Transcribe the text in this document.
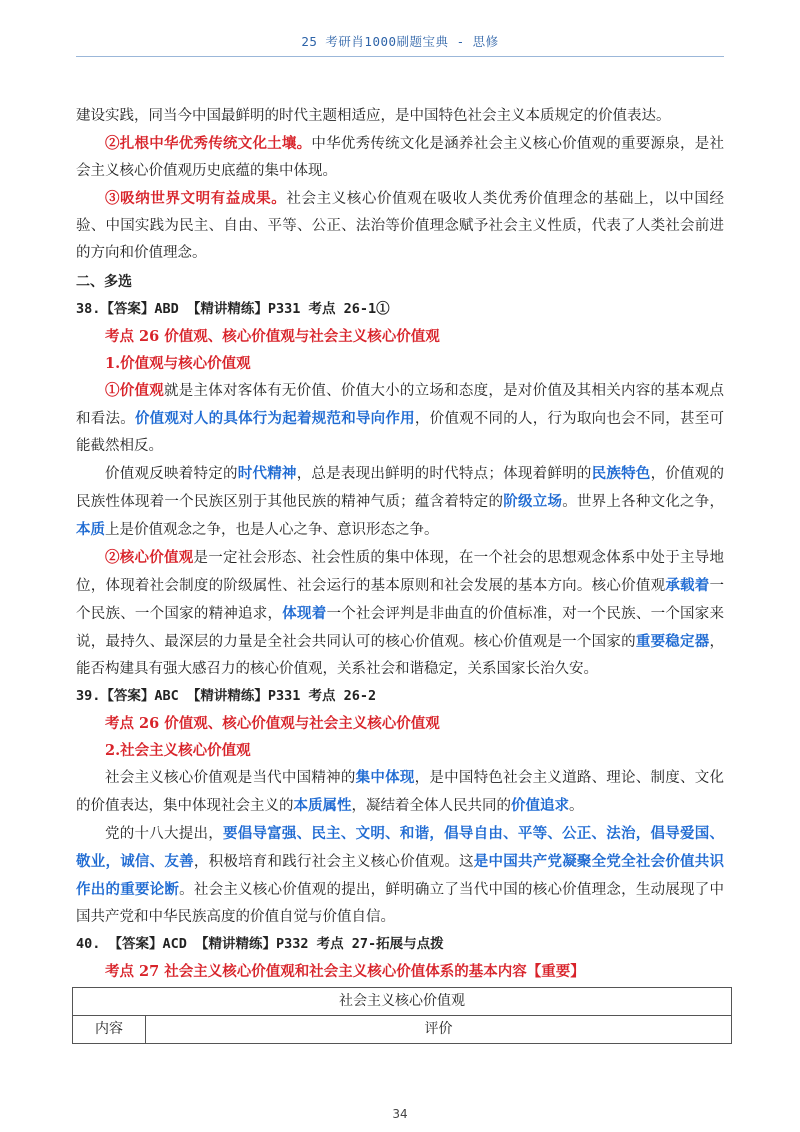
25 考研肖1000刷题宝典 - 思修

建设实践，同当今中国最鲜明的时代主题相适应，是中国特色社会主义本质规定的价值表达。

②扎根中华优秀传统文化土壤。中华优秀传统文化是涵养社会主义核心价值观的重要源泉，是社会主义核心价值观历史底蕴的集中体现。

③吸纳世界文明有益成果。社会主义核心价值观在吸收人类优秀价值理念的基础上，以中国经验、中国实践为民主、自由、平等、公正、法治等价值理念赋予社会主义性质，代表了人类社会前进的方向和价值理念。

二、多选

38.【答案】ABD 【精讲精练】P331 考点 26-1①

考点 26 价值观、核心价值观与社会主义核心价值观

1.价值观与核心价值观

①价值观就是主体对客体有无价值、价值大小的立场和态度，是对价值及其相关内容的基本观点和看法。价值观对人的具体行为起着规范和导向作用，价值观不同的人，行为取向也会不同，甚至可能截然相反。

价值观反映着特定的时代精神，总是表现出鲜明的时代特点；体现着鲜明的民族特色，价值观的民族性体现着一个民族区别于其他民族的精神气质；蕴含着特定的阶级立场。世界上各种文化之争，本质上是价值观念之争，也是人心之争、意识形态之争。

②核心价值观是一定社会形态、社会性质的集中体现，在一个社会的思想观念体系中处于主导地位，体现着社会制度的阶级属性、社会运行的基本原则和社会发展的基本方向。核心价值观承载着一个民族、一个国家的精神追求，体现着一个社会评判是非曲直的价值标准，对一个民族、一个国家来说，最持久、最深层的力量是全社会共同认可的核心价值观。核心价值观是一个国家的重要稳定器，能否构建具有强大感召力的核心价值观，关系社会和谐稳定，关系国家长治久安。

39.【答案】ABC 【精讲精练】P331 考点 26-2

考点 26 价值观、核心价值观与社会主义核心价值观

2.社会主义核心价值观

社会主义核心价值观是当代中国精神的集中体现，是中国特色社会主义道路、理论、制度、文化的价值表达，集中体现社会主义的本质属性，凝结着全体人民共同的价值追求。

党的十八大提出，要倡导富强、民主、文明、和谐，倡导自由、平等、公正、法治，倡导爱国、敬业，诚信、友善，积极培育和践行社会主义核心价值观。这是中国共产党凝聚全党全社会价值共识作出的重要论断。社会主义核心价值观的提出，鲜明确立了当代中国的核心价值理念，生动展现了中国共产党和中华民族高度的价值自觉与价值自信。

40. 【答案】ACD 【精讲精练】P332 考点 27-拓展与点拨

考点 27 社会主义核心价值观和社会主义核心价值体系的基本内容【重要】

社会主义核心价值观
内容	评价
34
